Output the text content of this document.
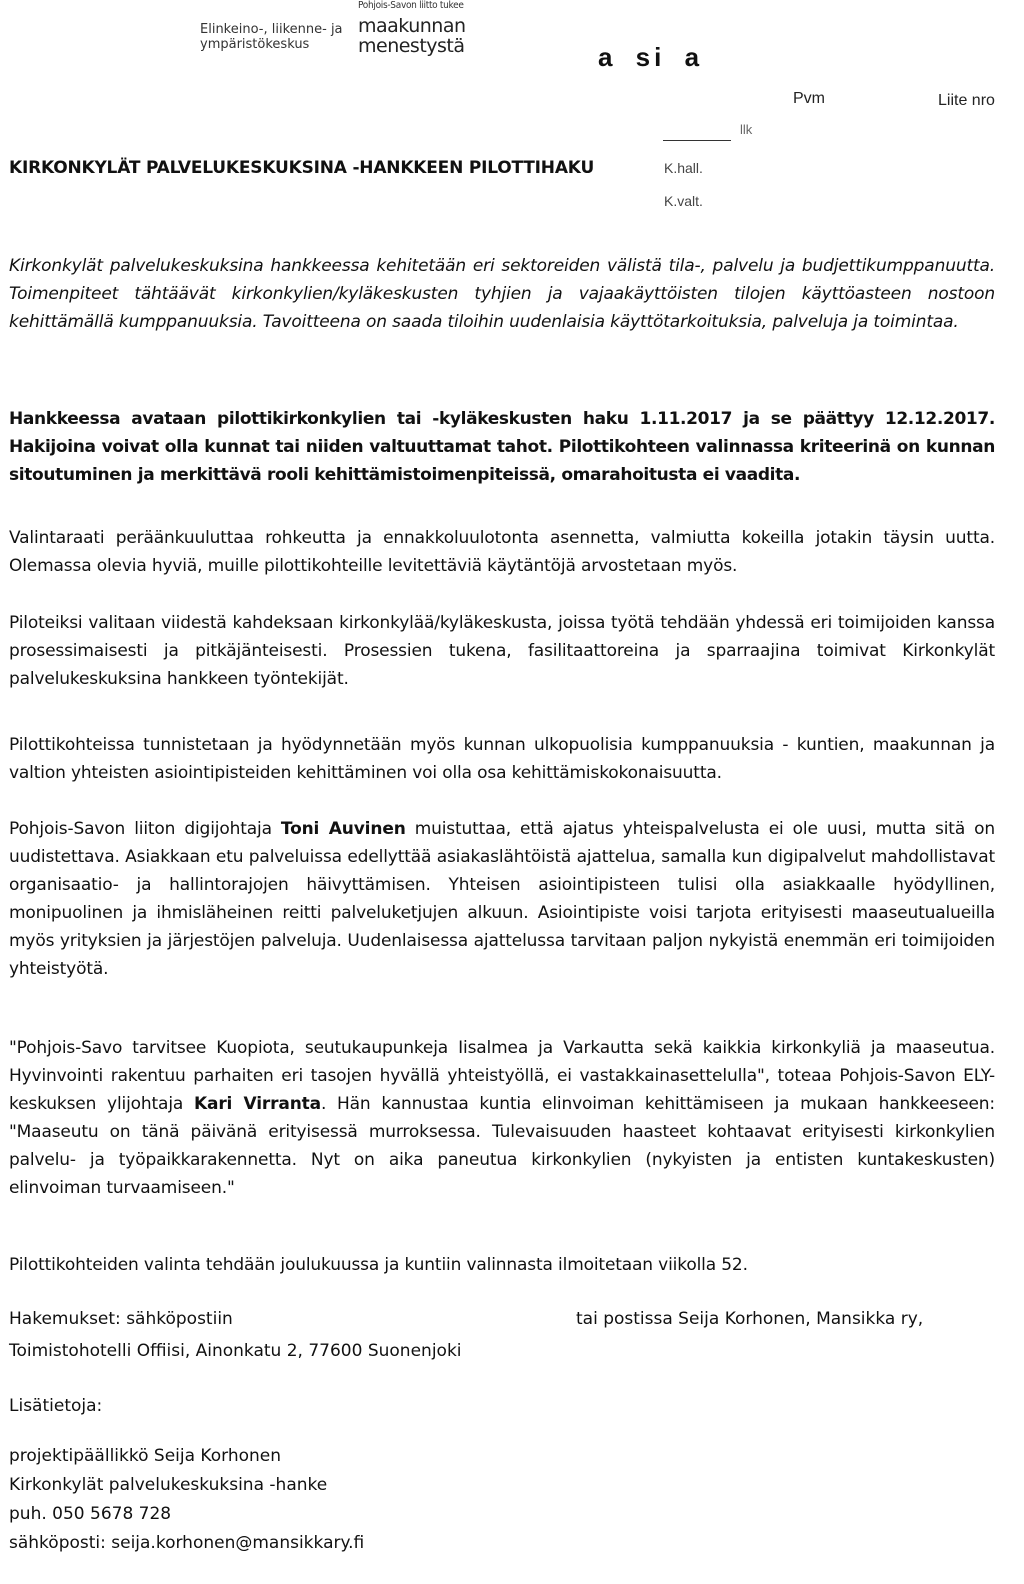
Elinkeino-, liikenne- ja
ympäristökeskus
Pohjois-Savon liitto tukee
maakunnan
menestystä	a si a
Pvm	Liite nro
llk
K.hall.
K.valt.
KIRKONKYLÄT PALVELUKESKUKSINA -HANKKEEN PILOTTIHAKU

Kirkonkylät palvelukeskuksina hankkeessa kehitetään eri sektoreiden välistä tila-, palvelu ja budjettikumppanuutta. Toimenpiteet tähtäävät kirkonkylien/kyläkeskusten tyhjien ja vajaakäyttöisten tilojen käyttöasteen nostoon kehittämällä kumppanuuksia. Tavoitteena on saada tiloihin uudenlaisia käyttötarkoituksia, palveluja ja toimintaa.

Hankkeessa avataan pilottikirkonkylien tai -kyläkeskusten haku 1.11.2017 ja se päättyy 12.12.2017. Hakijoina voivat olla kunnat tai niiden valtuuttamat tahot. Pilottikohteen valinnassa kriteerinä on kunnan sitoutuminen ja merkittävä rooli kehittämistoimenpiteissä, omarahoitusta ei vaadita.

Valintaraati peräänkuuluttaa rohkeutta ja ennakkoluulotonta asennetta, valmiutta kokeilla jotakin täysin uutta. Olemassa olevia hyviä, muille pilottikohteille levitettäviä käytäntöjä arvostetaan myös.

Piloteiksi valitaan viidestä kahdeksaan kirkonkylää/kyläkeskusta, joissa työtä tehdään yhdessä eri toimijoiden kanssa prosessimaisesti ja pitkäjänteisesti. Prosessien tukena, fasilitaattoreina ja sparraajina toimivat Kirkonkylät palvelukeskuksina hankkeen työntekijät.

Pilottikohteissa tunnistetaan ja hyödynnetään myös kunnan ulkopuolisia kumppanuuksia - kuntien, maakunnan ja valtion yhteisten asiointipisteiden kehittäminen voi olla osa kehittämiskokonaisuutta.

Pohjois-Savon liiton digijohtaja Toni Auvinen muistuttaa, että ajatus yhteispalvelusta ei ole uusi, mutta sitä on uudistettava. Asiakkaan etu palveluissa edellyttää asiakaslähtöistä ajattelua, samalla kun digipalvelut mahdollistavat organisaatio- ja hallintorajojen häivyttämisen. Yhteisen asiointipisteen tulisi olla asiakkaalle hyödyllinen, monipuolinen ja ihmisläheinen reitti palveluketjujen alkuun. Asiointipiste voisi tarjota erityisesti maaseutualueilla myös yrityksien ja järjestöjen palveluja. Uudenlaisessa ajattelussa tarvitaan paljon nykyistä enemmän eri toimijoiden yhteistyötä.

"Pohjois-Savo tarvitsee Kuopiota, seutukaupunkeja Iisalmea ja Varkautta sekä kaikkia kirkonkyliä ja maaseutua. Hyvinvointi rakentuu parhaiten eri tasojen hyvällä yhteistyöllä, ei vastakkainasettelulla", toteaa Pohjois-Savon ELY-keskuksen ylijohtaja Kari Virranta. Hän kannustaa kuntia elinvoiman kehittämiseen ja mukaan hankkeeseen: "Maaseutu on tänä päivänä erityisessä murroksessa. Tulevaisuuden haasteet kohtaavat erityisesti kirkonkylien palvelu- ja työpaikkarakennetta. Nyt on aika paneutua kirkonkylien (nykyisten ja entisten kuntakeskusten) elinvoiman turvaamiseen."

Pilottikohteiden valinta tehdään joulukuussa ja kuntiin valinnasta ilmoitetaan viikolla 52.

Hakemukset: sähköpostiin	tai postissa Seija Korhonen, Mansikka ry,
Toimistohotelli Offiisi, Ainonkatu 2, 77600 Suonenjoki
Lisätietoja:
projektipäällikkö Seija Korhonen
Kirkonkylät palvelukeskuksina -hanke
puh. 050 5678 728
sähköposti: seija.korhonen@mansikkary.fi
